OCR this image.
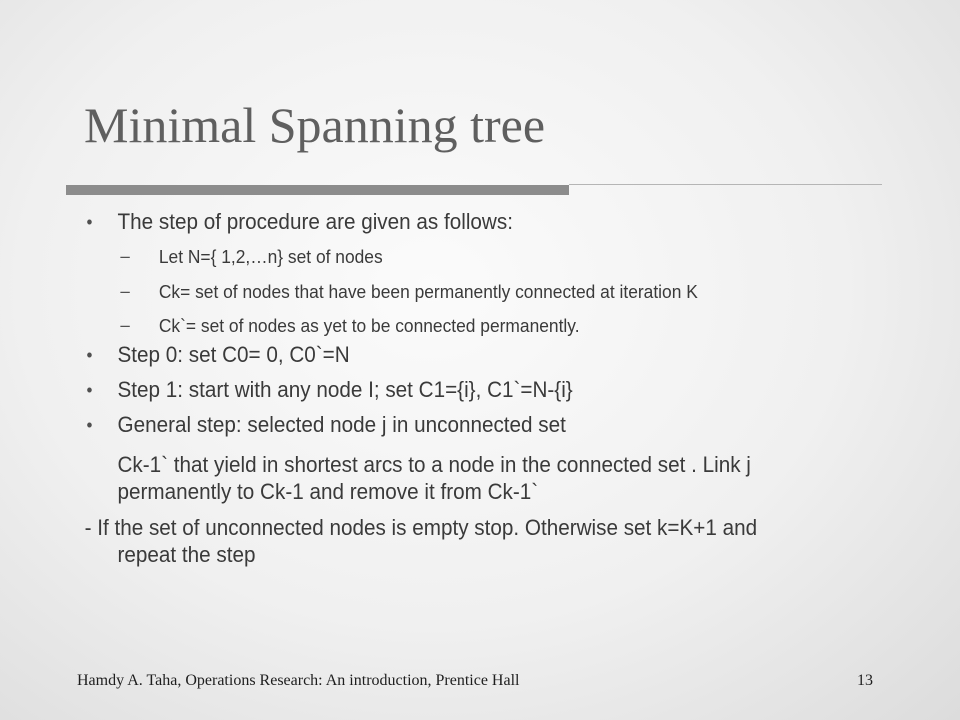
Minimal Spanning tree
• The step of procedure are given as follows:
– Let N={ 1,2,…n} set of nodes
– Ck= set of nodes that have been permanently connected at iteration K
– Ck`= set of nodes as yet to be connected permanently.
• Step 0: set C0= 0, C0`=N
• Step 1: start with any node I; set C1={i}, C1`=N-{i}
• General step: selected node j in unconnected set
Ck-1` that yield in shortest arcs to a node in the connected set . Link j
permanently to Ck-1 and remove it from Ck-1`
- If the set of unconnected nodes is empty stop. Otherwise set k=K+1 and
repeat the step
Hamdy A. Taha, Operations Research: An introduction, Prentice Hall	13
